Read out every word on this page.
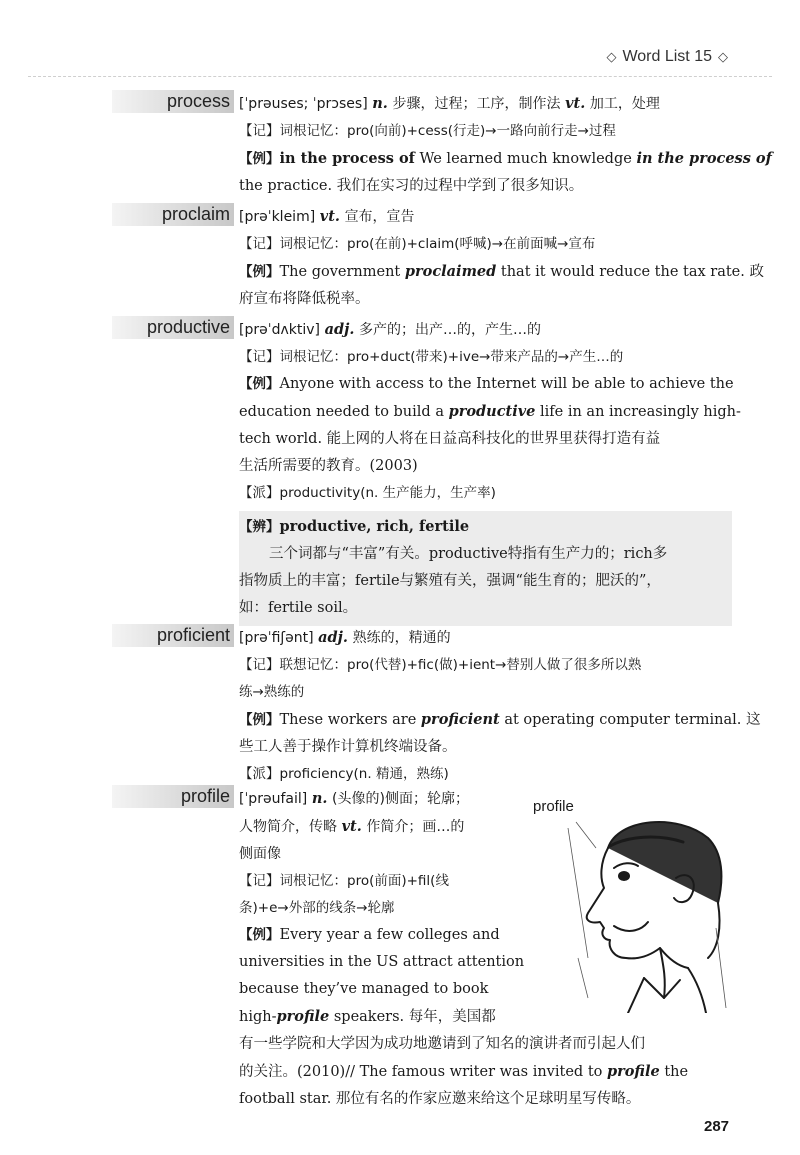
◇ Word List 15 ◇
process [ˈprəuses; ˈprɔses] n. 步骤，过程；工序，制作法 vt. 加工，处理
【记】词根记忆：pro(向前)+cess(行走)→一路向前行走→过程
【例】in the process of We learned much knowledge in the process of
the practice. 我们在实习的过程中学到了很多知识。
proclaim [prəˈkleim] vt. 宣布，宣告
【记】词根记忆：pro(在前)+claim(呼喊)→在前面喊→宣布
【例】The government proclaimed that it would reduce the tax rate. 政
府宣布将降低税率。
productive [prəˈdʌktiv] adj. 多产的；出产…的，产生…的
【记】词根记忆：pro+duct(带来)+ive→带来产品的→产生…的
【例】Anyone with access to the Internet will be able to achieve the
education needed to build a productive life in an increasingly high-
tech world. 能上网的人将在日益高科技化的世界里获得打造有益
生活所需要的教育。(2003)
【派】productivity(n. 生产能力，生产率)
【辨】productive, rich, fertile
三个词都与“丰富”有关。productive特指有生产力的；rich多
指物质上的丰富；fertile与繁殖有关，强调“能生育的；肥沃的”，
如：fertile soil。
proficient [prəˈfiʃənt] adj. 熟练的，精通的
【记】联想记忆：pro(代替)+fic(做)+ient→替别人做了很多所以熟
练→熟练的
【例】These workers are proficient at operating computer terminal. 这
些工人善于操作计算机终端设备。
【派】proficiency(n. 精通，熟练)
profile [ˈprəufail] n. (头像的)侧面；轮廓；
人物简介，传略 vt. 作简介；画…的
侧面像
【记】词根记忆：pro(前面)+fil(线
条)+e→外部的线条→轮廓
【例】Every year a few colleges and
universities in the US attract attention
because they’ve managed to book
high-profile speakers. 每年，美国都
有一些学院和大学因为成功地邀请到了知名的演讲者而引起人们
的关注。(2010)// The famous writer was invited to profile the
football star. 那位有名的作家应邀来给这个足球明星写传略。
profile
287
